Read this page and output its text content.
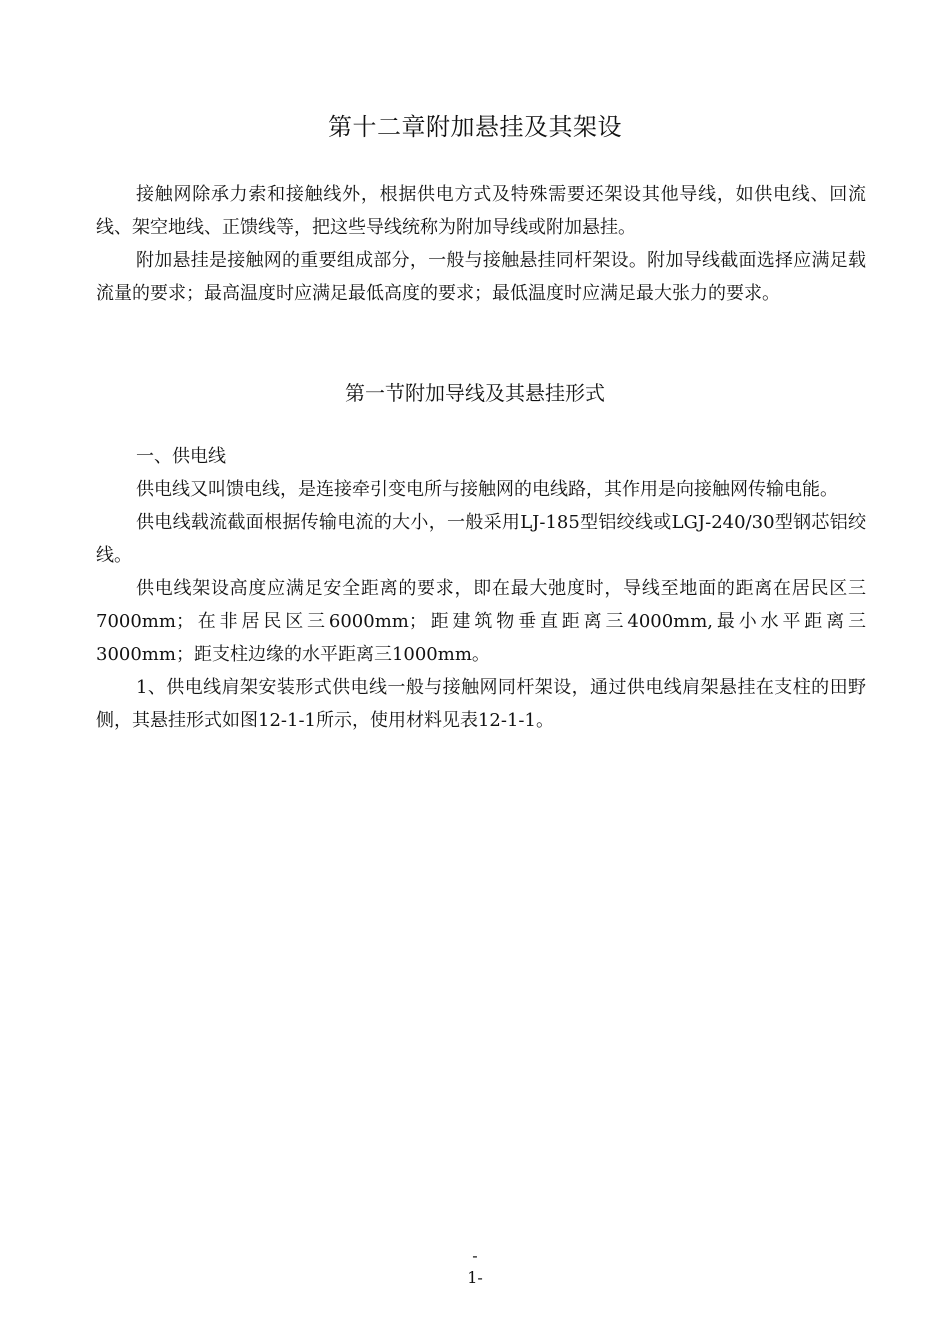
第十二章附加悬挂及其架设

接触网除承力索和接触线外，根据供电方式及特殊需要还架设其他导线，如供电线、回流线、架空地线、正馈线等，把这些导线统称为附加导线或附加悬挂。

附加悬挂是接触网的重要组成部分，一般与接触悬挂同杆架设。附加导线截面选择应满足载流量的要求；最高温度时应满足最低高度的要求；最低温度时应满足最大张力的要求。

第一节附加导线及其悬挂形式

一、供电线

供电线又叫馈电线，是连接牵引变电所与接触网的电线路，其作用是向接触网传输电能。

供电线载流截面根据传输电流的大小，一般采用LJ-185型铝绞线或LGJ-240/30型钢芯铝绞线。

供电线架设高度应满足安全距离的要求，即在最大弛度时，导线至地面的距离在居民区三7000mm；在非居民区三6000mm；距建筑物垂直距离三4000mm,最小水平距离三3000mm；距支柱边缘的水平距离三1000mm。

1、供电线肩架安装形式供电线一般与接触网同杆架设，通过供电线肩架悬挂在支柱的田野侧，其悬挂形式如图12-1-1所示，使用材料见表12-1-1。

-
1-
